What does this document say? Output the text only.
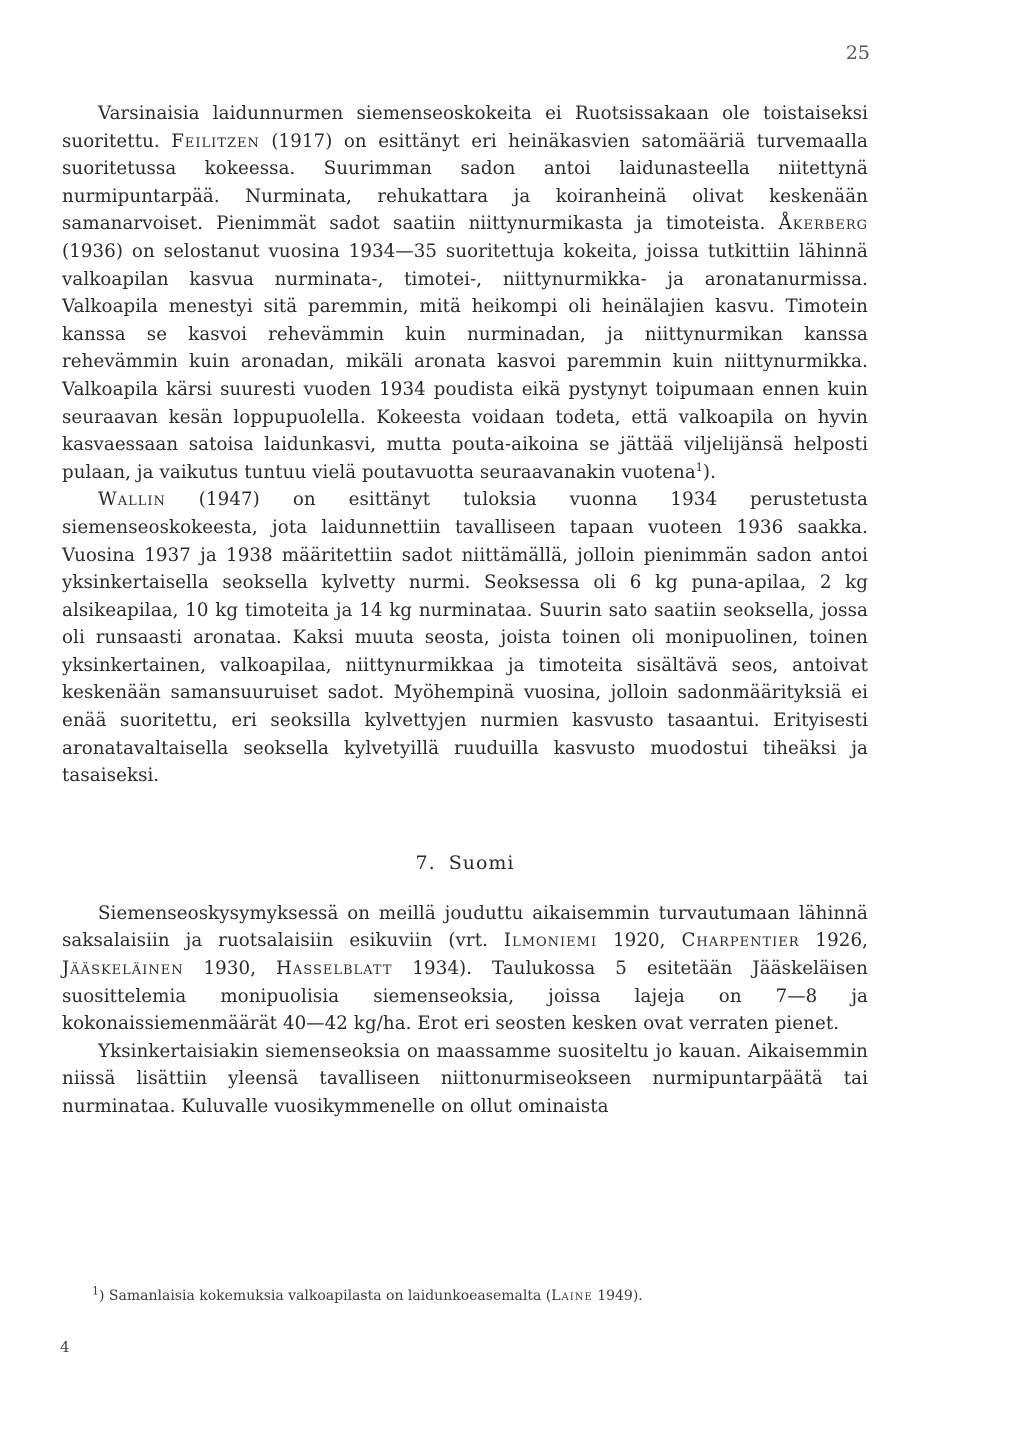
25

Varsinaisia laidunnurmen siemenseoskokeita ei Ruotsissakaan ole toistaiseksi suoritettu. Feilitzen (1917) on esittänyt eri heinäkasvien satomääriä turvemaalla suoritetussa kokeessa. Suurimman sadon antoi laidunasteella niitettynä nurmipuntarpää. Nurminata, rehukattara ja koiranheinä olivat keskenään samanarvoiset. Pienimmät sadot saatiin niittynurmikasta ja timoteista. Åkerberg (1936) on selostanut vuosina 1934—35 suoritettuja kokeita, joissa tutkittiin lähinnä valkoapilan kasvua nurminata-, timotei-, niittynurmikka- ja aronatanurmissa. Valkoapila menestyi sitä paremmin, mitä heikompi oli heinälajien kasvu. Timotein kanssa se kasvoi rehevämmin kuin nurminadan, ja niittynurmikan kanssa rehevämmin kuin aronadan, mikäli aronata kasvoi paremmin kuin niittynurmikka. Valkoapila kärsi suuresti vuoden 1934 poudista eikä pystynyt toipumaan ennen kuin seuraavan kesän loppupuolella. Kokeesta voidaan todeta, että valkoapila on hyvin kasvaessaan satoisa laidunkasvi, mutta pouta-aikoina se jättää viljelijänsä helposti pulaan, ja vaikutus tuntuu vielä poutavuotta seuraavanakin vuotena$^1$).

Wallin (1947) on esittänyt tuloksia vuonna 1934 perustetusta siemenseoskokeesta, jota laidunnettiin tavalliseen tapaan vuoteen 1936 saakka. Vuosina 1937 ja 1938 määritettiin sadot niittämällä, jolloin pienimmän sadon antoi yksinkertaisella seoksella kylvetty nurmi. Seoksessa oli 6 kg puna-apilaa, 2 kg alsikeapilaa, 10 kg timoteita ja 14 kg nurminataa. Suurin sato saatiin seoksella, jossa oli runsaasti aronataa. Kaksi muuta seosta, joista toinen oli monipuolinen, toinen yksinkertainen, valkoapilaa, niittynurmikkaa ja timoteita sisältävä seos, antoivat keskenään samansuuruiset sadot. Myöhempinä vuosina, jolloin sadonmäärityksiä ei enää suoritettu, eri seoksilla kylvettyjen nurmien kasvusto tasaantui. Erityisesti aronatavaltaisella seoksella kylvetyillä ruuduilla kasvusto muodostui tiheäksi ja tasaiseksi.

7. Suomi

Siemenseoskysymyksessä on meillä jouduttu aikaisemmin turvautumaan lähinnä saksalaisiin ja ruotsalaisiin esikuviin (vrt. Ilmoniemi 1920, Charpentier 1926, Jääskeläinen 1930, Hasselblatt 1934). Taulukossa 5 esitetään Jääskeläisen suosittelemia monipuolisia siemenseoksia, joissa lajeja on 7—8 ja kokonaissiemenmäärät 40—42 kg/ha. Erot eri seosten kesken ovat verraten pienet.

Yksinkertaisiakin siemenseoksia on maassamme suositeltu jo kauan. Aikaisemmin niissä lisättiin yleensä tavalliseen niittonurmiseokseen nurmipuntarpäätä tai nurminataa. Kuluvalle vuosikymmenelle on ollut ominaista

$^1$) Samanlaisia kokemuksia valkoapilasta on laidunkoeasemalta (Laine 1949).
4
